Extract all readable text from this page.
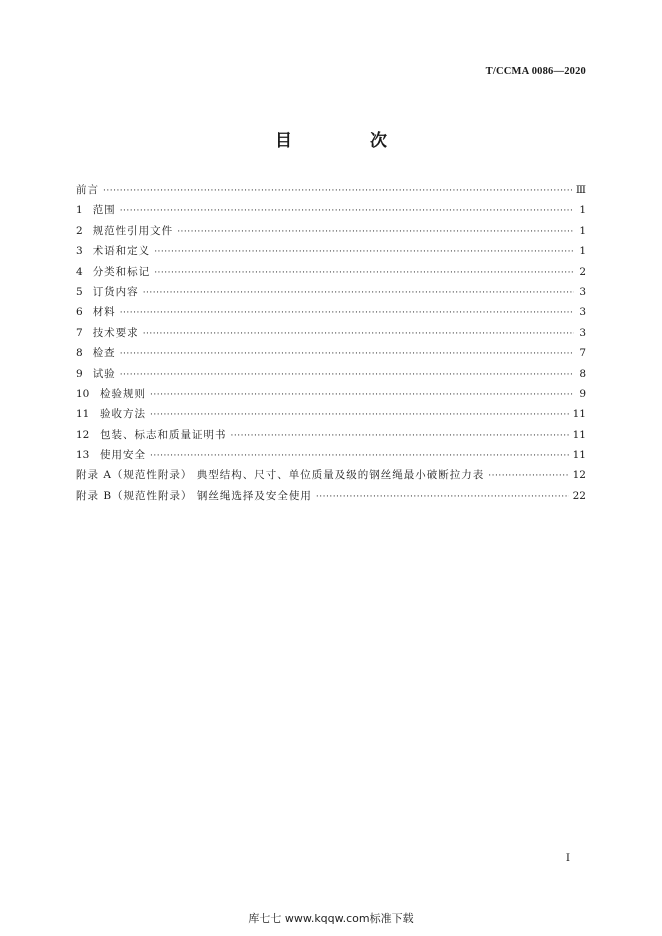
T/CCMA 0086—2020
目 次
前言 ·····	Ⅲ
1 范围 ·····	1
2 规范性引用文件 ·····	1
3 术语和定义 ·····	1
4 分类和标记 ·····	2
5 订货内容 ·····	3
6 材料 ·····	3
7 技术要求 ·····	3
8 检查 ·····	7
9 试验 ·····	8
10 检验规则 ·····	9
11 验收方法 ·····	11
12 包装、标志和质量证明书 ·····	11
13 使用安全 ·····	11
附录 A（规范性附录） 典型结构、尺寸、单位质量及级的钢丝绳最小破断拉力表 ·····	12
附录 B（规范性附录） 钢丝绳选择及安全使用 ·····	22
Ⅰ
库七七 www.kqqw.com标准下载
